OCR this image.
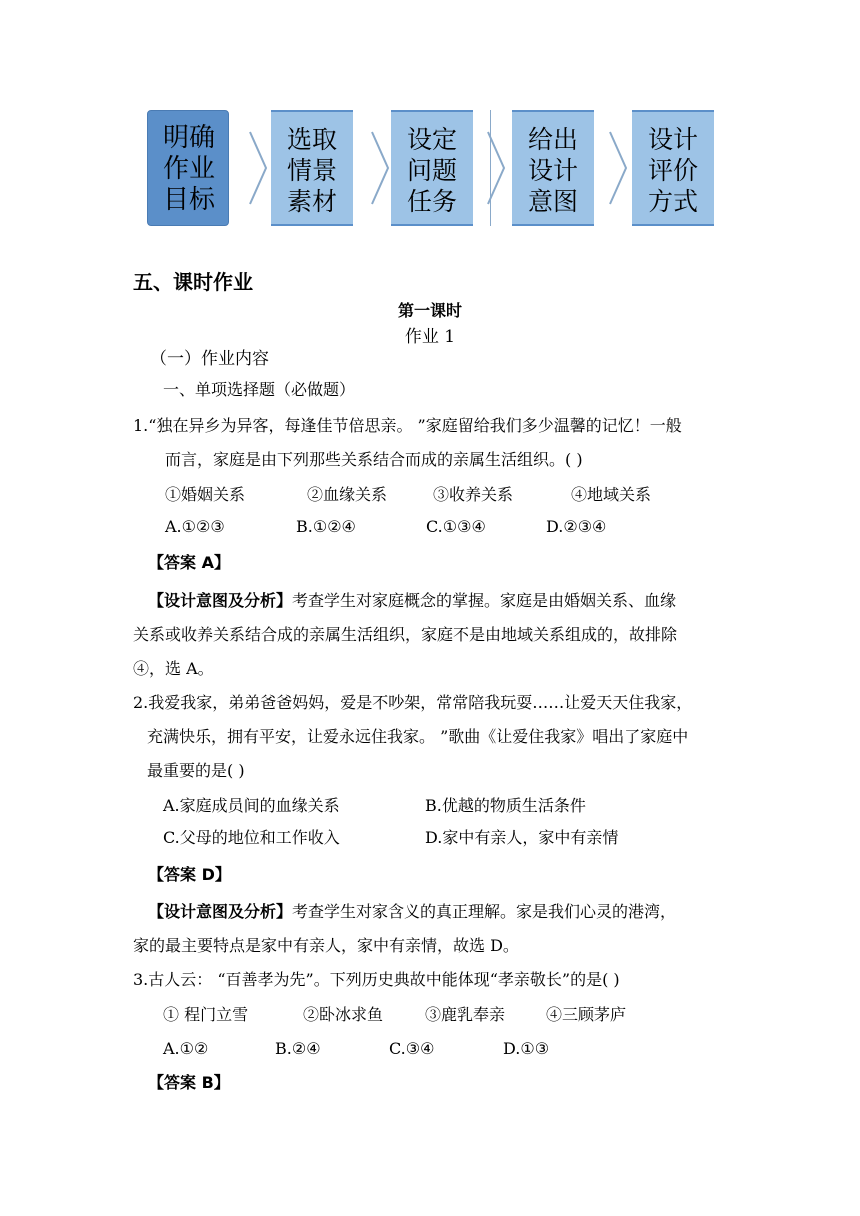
明确
作业
目标
选取
情景
素材
设定
问题
任务
给出
设计
意图
设计
评价
方式
五、课时作业
第一课时
作业 1
（一）作业内容
一、单项选择题（必做题）
1.“独在异乡为异客，每逢佳节倍思亲。 ”家庭留给我们多少温馨的记忆！一般
而言，家庭是由下列那些关系结合而成的亲属生活组织。( )
①婚姻关系	②血缘关系	③收养关系	④地域关系
A.①②③	B.①②④	C.①③④	D.②③④
【答案 A】
【设计意图及分析】考查学生对家庭概念的掌握。家庭是由婚姻关系、血缘
关系或收养关系结合成的亲属生活组织，家庭不是由地域关系组成的，故排除
④，选 A。
2.我爱我家，弟弟爸爸妈妈，爱是不吵架，常常陪我玩耍……让爱天天住我家，
充满快乐，拥有平安，让爱永远住我家。 ”歌曲《让爱住我家》唱出了家庭中
最重要的是( )
A.家庭成员间的血缘关系	B.优越的物质生活条件
C.父母的地位和工作收入	D.家中有亲人，家中有亲情
【答案 D】
【设计意图及分析】考查学生对家含义的真正理解。家是我们心灵的港湾，
家的最主要特点是家中有亲人，家中有亲情，故选 D。
3.古人云： “百善孝为先”。下列历史典故中能体现“孝亲敬长”的是( )
① 程门立雪	②卧冰求鱼	③鹿乳奉亲	④三顾茅庐
A.①②	B.②④	C.③④	D.①③
【答案 B】
